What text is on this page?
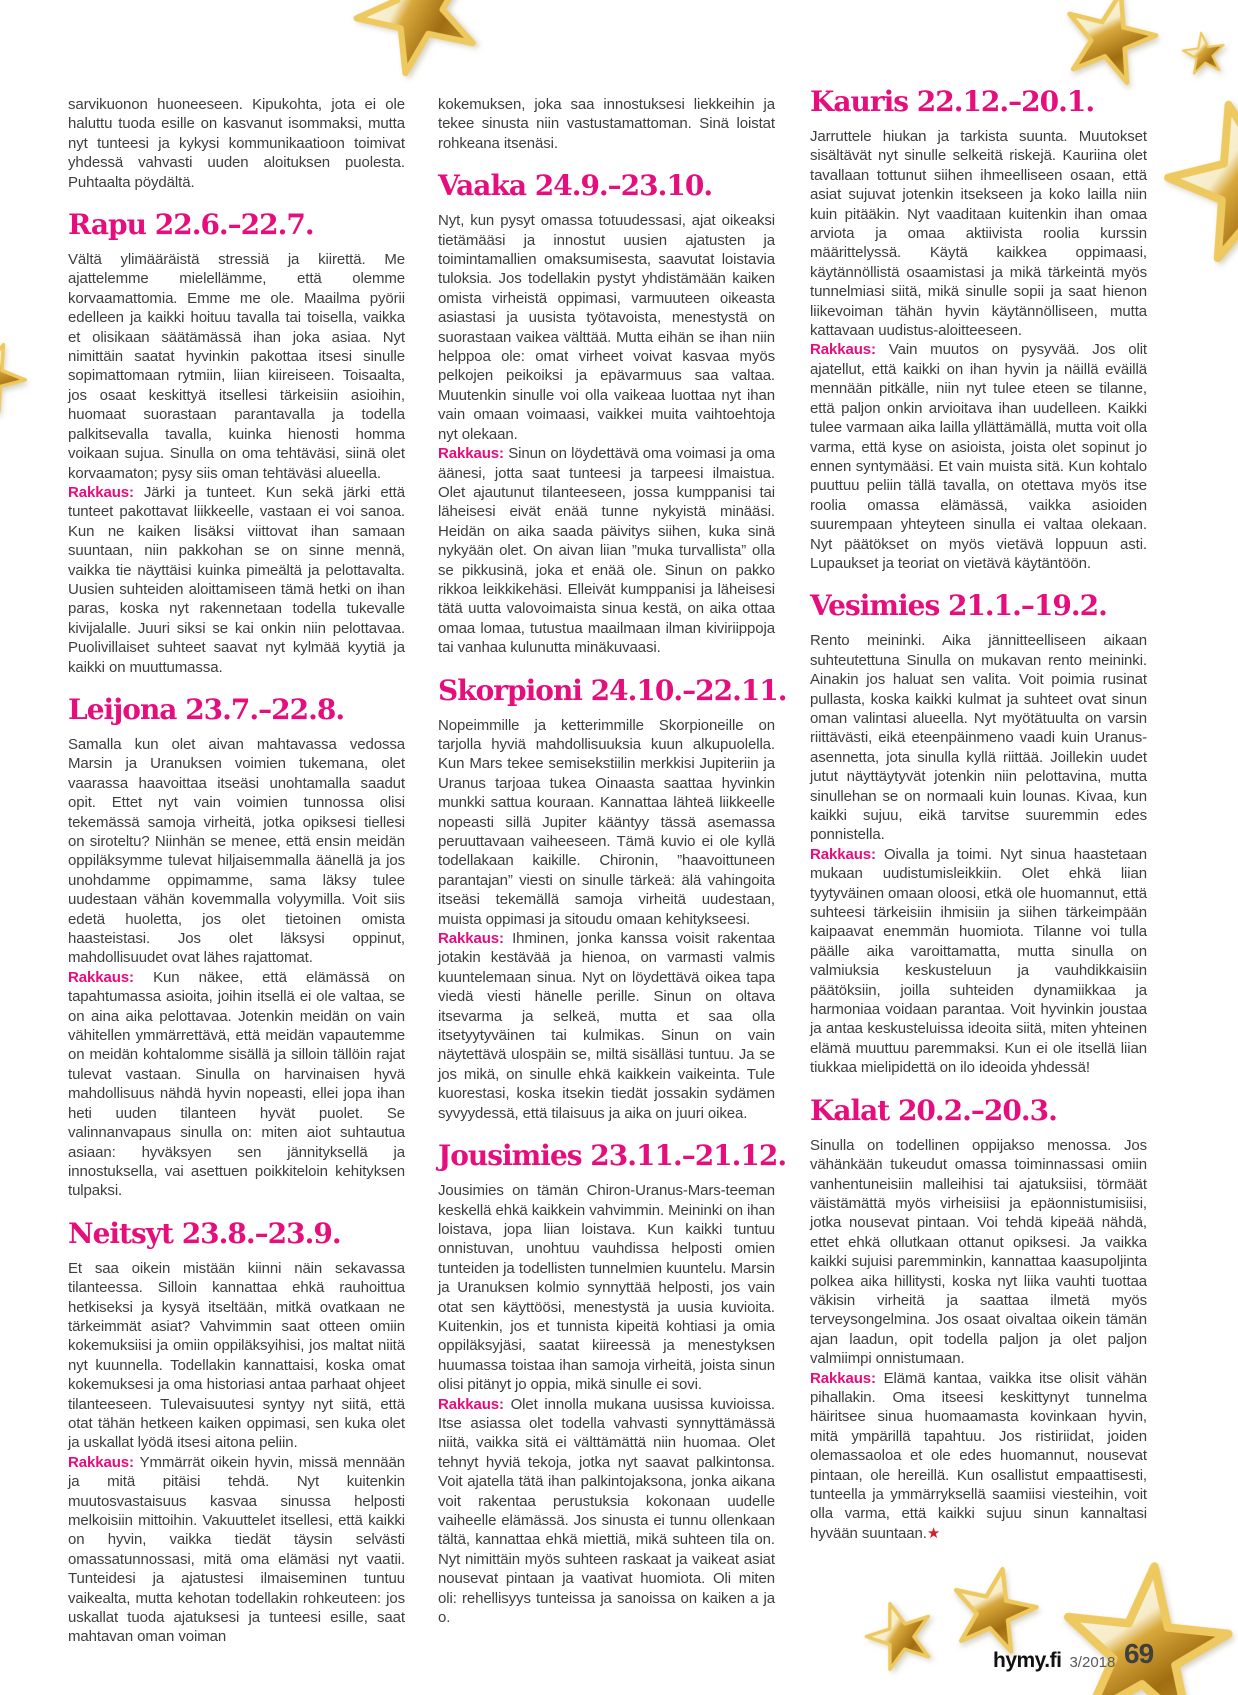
sarvikuonon huoneeseen. Kipukohta, jota ei ole haluttu tuoda esille on kasvanut isommaksi, mutta nyt tunteesi ja kykysi kommunikaatioon toimivat yhdessä vahvasti uuden aloituksen puolesta. Puhtaalta pöydältä.

Rapu 22.6.–22.7.

Vältä ylimääräistä stressiä ja kiirettä. Me ajattelemme mielellämme, että olemme korvaamattomia. Emme me ole. Maailma pyörii edelleen ja kaikki hoituu tavalla tai toisella, vaikka et olisikaan säätämässä ihan joka asiaa. Nyt nimittäin saatat hyvinkin pakottaa itsesi sinulle sopimattomaan rytmiin, liian kiireiseen. Toisaalta, jos osaat keskittyä itsellesi tärkeisiin asioihin, huomaat suorastaan parantavalla ja todella palkitsevalla tavalla, kuinka hienosti homma voikaan sujua. Sinulla on oma tehtäväsi, siinä olet korvaamaton; pysy siis oman tehtäväsi alueella.

Rakkaus: Järki ja tunteet. Kun sekä järki että tunteet pakottavat liikkeelle, vastaan ei voi sanoa. Kun ne kaiken lisäksi viittovat ihan samaan suuntaan, niin pakkohan se on sinne mennä, vaikka tie näyttäisi kuinka pimeältä ja pelottavalta. Uusien suhteiden aloittamiseen tämä hetki on ihan paras, koska nyt rakennetaan todella tukevalle kivijalalle. Juuri siksi se kai onkin niin pelottavaa. Puolivillaiset suhteet saavat nyt kylmää kyytiä ja kaikki on muuttumassa.

Leijona 23.7.–22.8.

Samalla kun olet aivan mahtavassa vedossa Marsin ja Uranuksen voimien tukemana, olet vaarassa haavoittaa itseäsi unohtamalla saadut opit. Ettet nyt vain voimien tunnossa olisi tekemässä samoja virheitä, jotka opiksesi tiellesi on siroteltu? Niinhän se menee, että ensin meidän oppiläksymme tulevat hiljaisemmalla äänellä ja jos unohdamme oppimamme, sama läksy tulee uudestaan vähän kovemmalla volyymilla. Voit siis edetä huoletta, jos olet tietoinen omista haasteistasi. Jos olet läksysi oppinut, mahdollisuudet ovat lähes rajattomat.

Rakkaus: Kun näkee, että elämässä on tapahtumassa asioita, joihin itsellä ei ole valtaa, se on aina aika pelottavaa. Jotenkin meidän on vain vähitellen ymmärrettävä, että meidän vapautemme on meidän kohtalomme sisällä ja silloin tällöin rajat tulevat vastaan. Sinulla on harvinaisen hyvä mahdollisuus nähdä hyvin nopeasti, ellei jopa ihan heti uuden tilanteen hyvät puolet. Se valinnanvapaus sinulla on: miten aiot suhtautua asiaan: hyväksyen sen jännityksellä ja innostuksella, vai asettuen poikkiteloin kehityksen tulpaksi.

Neitsyt 23.8.–23.9.

Et saa oikein mistään kiinni näin sekavassa tilanteessa. Silloin kannattaa ehkä rauhoittua hetkiseksi ja kysyä itseltään, mitkä ovatkaan ne tärkeimmät asiat? Vahvimmin saat otteen omiin kokemuksiisi ja omiin oppiläksyihisi, jos maltat niitä nyt kuunnella. Todellakin kannattaisi, koska omat kokemuksesi ja oma historiasi antaa parhaat ohjeet tilanteeseen. Tulevaisuutesi syntyy nyt siitä, että otat tähän hetkeen kaiken oppimasi, sen kuka olet ja uskallat lyödä itsesi aitona peliin.

Rakkaus: Ymmärrät oikein hyvin, missä mennään ja mitä pitäisi tehdä. Nyt kuitenkin muutosvastaisuus kasvaa sinussa helposti melkoisiin mittoihin. Vakuuttelet itsellesi, että kaikki on hyvin, vaikka tiedät täysin selvästi omassatunnossasi, mitä oma elämäsi nyt vaatii. Tunteidesi ja ajatustesi ilmaiseminen tuntuu vaikealta, mutta kehotan todellakin rohkeuteen: jos uskallat tuoda ajatuksesi ja tunteesi esille, saat mahtavan oman voiman

kokemuksen, joka saa innostuksesi liekkeihin ja tekee sinusta niin vastustamattoman. Sinä loistat rohkeana itsenäsi.

Vaaka 24.9.–23.10.

Nyt, kun pysyt omassa totuudessasi, ajat oikeaksi tietämääsi ja innostut uusien ajatusten ja toimintamallien omaksumisesta, saavutat loistavia tuloksia. Jos todellakin pystyt yhdistämään kaiken omista virheistä oppimasi, varmuuteen oikeasta asiastasi ja uusista työtavoista, menestystä on suorastaan vaikea välttää. Mutta eihän se ihan niin helppoa ole: omat virheet voivat kasvaa myös pelkojen peikoiksi ja epävarmuus saa valtaa. Muutenkin sinulle voi olla vaikeaa luottaa nyt ihan vain omaan voimaasi, vaikkei muita vaihtoehtoja nyt olekaan.

Rakkaus: Sinun on löydettävä oma voimasi ja oma äänesi, jotta saat tunteesi ja tarpeesi ilmaistua. Olet ajautunut tilanteeseen, jossa kumppanisi tai läheisesi eivät enää tunne nykyistä minääsi. Heidän on aika saada päivitys siihen, kuka sinä nykyään olet. On aivan liian ”muka turvallista” olla se pikkusinä, joka et enää ole. Sinun on pakko rikkoa leikkikehäsi. Elleivät kumppanisi ja läheisesi tätä uutta valovoimaista sinua kestä, on aika ottaa omaa lomaa, tutustua maailmaan ilman kiviriippoja tai vanhaa kulunutta minäkuvaasi.

Skorpioni 24.10.–22.11.

Nopeimmille ja ketterimmille Skorpioneille on tarjolla hyviä mahdollisuuksia kuun alkupuolella. Kun Mars tekee semisekstiilin merkkisi Jupiteriin ja Uranus tarjoaa tukea Oinaasta saattaa hyvinkin munkki sattua kouraan. Kannattaa lähteä liikkeelle nopeasti sillä Jupiter kääntyy tässä asemassa peruuttavaan vaiheeseen. Tämä kuvio ei ole kyllä todellakaan kaikille. Chironin, ”haavoittuneen parantajan” viesti on sinulle tärkeä: älä vahingoita itseäsi tekemällä samoja virheitä uudestaan, muista oppimasi ja sitoudu omaan kehitykseesi.

Rakkaus: Ihminen, jonka kanssa voisit rakentaa jotakin kestävää ja hienoa, on varmasti valmis kuuntelemaan sinua. Nyt on löydettävä oikea tapa viedä viesti hänelle perille. Sinun on oltava itsevarma ja selkeä, mutta et saa olla itsetyytyväinen tai kulmikas. Sinun on vain näytettävä ulospäin se, miltä sisälläsi tuntuu. Ja se jos mikä, on sinulle ehkä kaikkein vaikeinta. Tule kuorestasi, koska itsekin tiedät jossakin sydämen syvyydessä, että tilaisuus ja aika on juuri oikea.

Jousimies 23.11.–21.12.

Jousimies on tämän Chiron-Uranus-Mars-teeman keskellä ehkä kaikkein vahvimmin. Meininki on ihan loistava, jopa liian loistava. Kun kaikki tuntuu onnistuvan, unohtuu vauhdissa helposti omien tunteiden ja todellisten tunnelmien kuuntelu. Marsin ja Uranuksen kolmio synnyttää helposti, jos vain otat sen käyttöösi, menestystä ja uusia kuvioita. Kuitenkin, jos et tunnista kipeitä kohtiasi ja omia oppiläksyjäsi, saatat kiireessä ja menestyksen huumassa toistaa ihan samoja virheitä, joista sinun olisi pitänyt jo oppia, mikä sinulle ei sovi.

Rakkaus: Olet innolla mukana uusissa kuvioissa. Itse asiassa olet todella vahvasti synnyttämässä niitä, vaikka sitä ei välttämättä niin huomaa. Olet tehnyt hyviä tekoja, jotka nyt saavat palkintonsa. Voit ajatella tätä ihan palkintojaksona, jonka aikana voit rakentaa perustuksia kokonaan uudelle vaiheelle elämässä. Jos sinusta ei tunnu ollenkaan tältä, kannattaa ehkä miettiä, mikä suhteen tila on. Nyt nimittäin myös suhteen raskaat ja vaikeat asiat nousevat pintaan ja vaativat huomiota. Oli miten oli: rehellisyys tunteissa ja sanoissa on kaiken a ja o.

Kauris 22.12.–20.1.

Jarruttele hiukan ja tarkista suunta. Muutokset sisältävät nyt sinulle selkeitä riskejä. Kauriina olet tavallaan tottunut siihen ihmeelliseen osaan, että asiat sujuvat jotenkin itsekseen ja koko lailla niin kuin pitääkin. Nyt vaaditaan kuitenkin ihan omaa arviota ja omaa aktiivista roolia kurssin määrittelyssä. Käytä kaikkea oppimaasi, käytännöllistä osaamistasi ja mikä tärkeintä myös tunnelmiasi siitä, mikä sinulle sopii ja saat hienon liikevoiman tähän hyvin käytännölliseen, mutta kattavaan uudistus-aloitteeseen.

Rakkaus: Vain muutos on pysyvää. Jos olit ajatellut, että kaikki on ihan hyvin ja näillä eväillä mennään pitkälle, niin nyt tulee eteen se tilanne, että paljon onkin arvioitava ihan uudelleen. Kaikki tulee varmaan aika lailla yllättämällä, mutta voit olla varma, että kyse on asioista, joista olet sopinut jo ennen syntymääsi. Et vain muista sitä. Kun kohtalo puuttuu peliin tällä tavalla, on otettava myös itse roolia omassa elämässä, vaikka asioiden suurempaan yhteyteen sinulla ei valtaa olekaan. Nyt päätökset on myös vietävä loppuun asti. Lupaukset ja teoriat on vietävä käytäntöön.

Vesimies 21.1.–19.2.

Rento meininki. Aika jännitteelliseen aikaan suhteutettuna Sinulla on mukavan rento meininki. Ainakin jos haluat sen valita. Voit poimia rusinat pullasta, koska kaikki kulmat ja suhteet ovat sinun oman valintasi alueella. Nyt myötätuulta on varsin riittävästi, eikä eteenpäinmeno vaadi kuin Uranus-asennetta, jota sinulla kyllä riittää. Joillekin uudet jutut näyttäytyvät jotenkin niin pelottavina, mutta sinullehan se on normaali kuin lounas. Kivaa, kun kaikki sujuu, eikä tarvitse suuremmin edes ponnistella.

Rakkaus: Oivalla ja toimi. Nyt sinua haastetaan mukaan uudistumisleikkiin. Olet ehkä liian tyytyväinen omaan oloosi, etkä ole huomannut, että suhteesi tärkeisiin ihmisiin ja siihen tärkeimpään kaipaavat enemmän huomiota. Tilanne voi tulla päälle aika varoittamatta, mutta sinulla on valmiuksia keskusteluun ja vauhdikkaisiin päätöksiin, joilla suhteiden dynamiikkaa ja harmoniaa voidaan parantaa. Voit hyvinkin joustaa ja antaa keskusteluissa ideoita siitä, miten yhteinen elämä muuttuu paremmaksi. Kun ei ole itsellä liian tiukkaa mielipidettä on ilo ideoida yhdessä!

Kalat 20.2.–20.3.

Sinulla on todellinen oppijakso menossa. Jos vähänkään tukeudut omassa toiminnassasi omiin vanhentuneisiin malleihisi tai ajatuksiisi, törmäät väistämättä myös virheisiisi ja epäonnistumisiisi, jotka nousevat pintaan. Voi tehdä kipeää nähdä, ettet ehkä ollutkaan ottanut opiksesi. Ja vaikka kaikki sujuisi paremminkin, kannattaa kaasupoljinta polkea aika hillitysti, koska nyt liika vauhti tuottaa väkisin virheitä ja saattaa ilmetä myös terveysongelmina. Jos osaat oivaltaa oikein tämän ajan laadun, opit todella paljon ja olet paljon valmiimpi onnistumaan.

Rakkaus: Elämä kantaa, vaikka itse olisit vähän pihallakin. Oma itseesi keskittynyt tunnelma häiritsee sinua huomaamasta kovinkaan hyvin, mitä ympärillä tapahtuu. Jos ristiriidat, joiden olemassaoloa et ole edes huomannut, nousevat pintaan, ole hereillä. Kun osallistut empaattisesti, tunteella ja ymmärryksellä saamiisi viesteihin, voit olla varma, että kaikki sujuu sinun kannaltasi hyvään suuntaan.★

hymy.fi 3/2018 69
